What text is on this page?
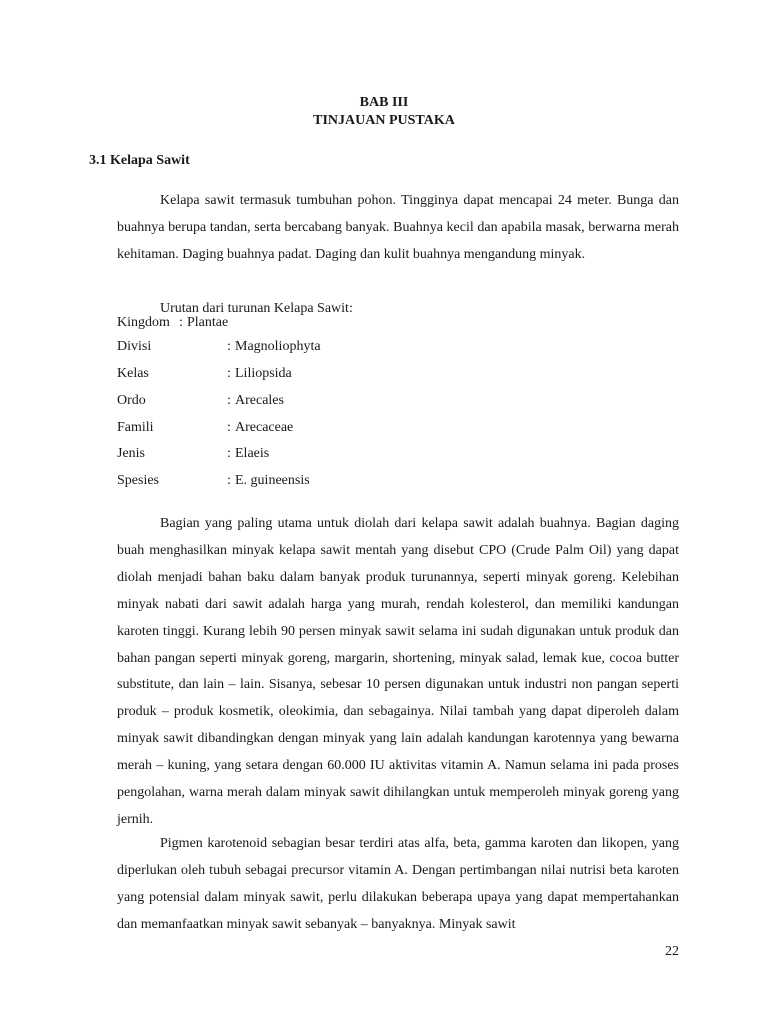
BAB III
TINJAUAN PUSTAKA
3.1 Kelapa Sawit

Kelapa sawit termasuk tumbuhan pohon. Tingginya dapat mencapai 24 meter. Bunga dan buahnya berupa tandan, serta bercabang banyak. Buahnya kecil dan apabila masak, berwarna merah kehitaman. Daging buahnya padat. Daging dan kulit buahnya mengandung minyak.

Urutan dari turunan Kelapa Sawit:

Kingdom : Plantae
Divisi	: Magnoliophyta
Kelas	: Liliopsida
Ordo	: Arecales
Famili	: Arecaceae
Jenis	: Elaeis
Spesies	: E. guineensis

Bagian yang paling utama untuk diolah dari kelapa sawit adalah buahnya. Bagian daging buah menghasilkan minyak kelapa sawit mentah yang disebut CPO (Crude Palm Oil) yang dapat diolah menjadi bahan baku dalam banyak produk turunannya, seperti minyak goreng. Kelebihan minyak nabati dari sawit adalah harga yang murah, rendah kolesterol, dan memiliki kandungan karoten tinggi. Kurang lebih 90 persen minyak sawit selama ini sudah digunakan untuk produk dan bahan pangan seperti minyak goreng, margarin, shortening, minyak salad, lemak kue, cocoa butter substitute, dan lain – lain. Sisanya, sebesar 10 persen digunakan untuk industri non pangan seperti produk – produk kosmetik, oleokimia, dan sebagainya. Nilai tambah yang dapat diperoleh dalam minyak sawit dibandingkan dengan minyak yang lain adalah kandungan karotennya yang bewarna merah – kuning, yang setara dengan 60.000 IU aktivitas vitamin A. Namun selama ini pada proses pengolahan, warna merah dalam minyak sawit dihilangkan untuk memperoleh minyak goreng yang jernih.

Pigmen karotenoid sebagian besar terdiri atas alfa, beta, gamma karoten dan likopen, yang diperlukan oleh tubuh sebagai precursor vitamin A. Dengan pertimbangan nilai nutrisi beta karoten yang potensial dalam minyak sawit, perlu dilakukan beberapa upaya yang dapat mempertahankan dan memanfaatkan minyak sawit sebanyak – banyaknya. Minyak sawit

22
